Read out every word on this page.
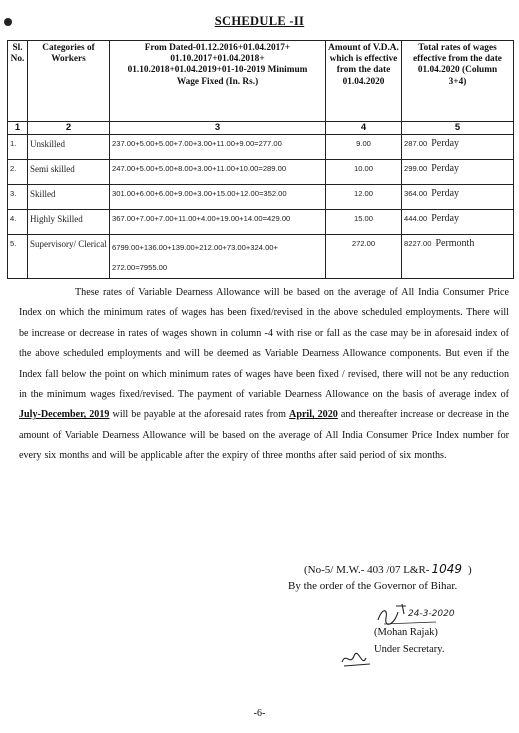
SCHEDULE -II
Sl. No.	Categories of Workers	From Dated-01.12.2016+01.04.2017+ 01.10.2017+01.04.2018+ 01.10.2018+01.04.2019+01-10-2019 Minimum Wage Fixed (In. Rs.)	Amount of V.D.A. which is effective from the date 01.04.2020	Total rates of wages effective from the date 01.04.2020 (Column 3+4)
1	2	3	4	5
1.	Unskilled	237.00+5.00+5.00+7.00+3.00+11.00+9.00=277.00	9.00	287.00 Perday
2.	Semi skilled	247.00+5.00+5.00+8.00+3.00+11.00+10.00=289.00	10.00	299.00 Perday
3.	Skilled	301.00+6.00+6.00+9.00+3.00+15.00+12.00=352.00	12.00	364.00 Perday
4.	Highly Skilled	367.00+7.00+7.00+11.00+4.00+19.00+14.00=429.00	15.00	444.00 Perday
5.	Supervisory/ Clerical	6799.00+136.00+139.00+212.00+73.00+324.00+ 272.00=7955.00	272.00	8227.00 Permonth
These rates of Variable Dearness Allowance will be based on the average of All India Consumer Price Index on which the minimum rates of wages has been fixed/revised in the above scheduled employments. There will be increase or decrease in rates of wages shown in column -4 with rise or fall as the case may be in aforesaid index of the above scheduled employments and will be deemed as Variable Dearness Allowance components. But even if the Index fall below the point on which minimum rates of wages have been fixed / revised, there will not be any reduction in the minimum wages fixed/revised. The payment of variable Dearness Allowance on the basis of average index of July-December, 2019 will be payable at the aforesaid rates from April, 2020 and thereafter increase or decrease in the amount of Variable Dearness Allowance will be based on the average of All India Consumer Price Index number for every six months and will be applicable after the expiry of three months after said period of six months.
(No-5/ M.W.- 403 /07 L&R- 1049 )
By the order of the Governor of Bihar.
24-3-2020
(Mohan Rajak)
Under Secretary.
-6-
